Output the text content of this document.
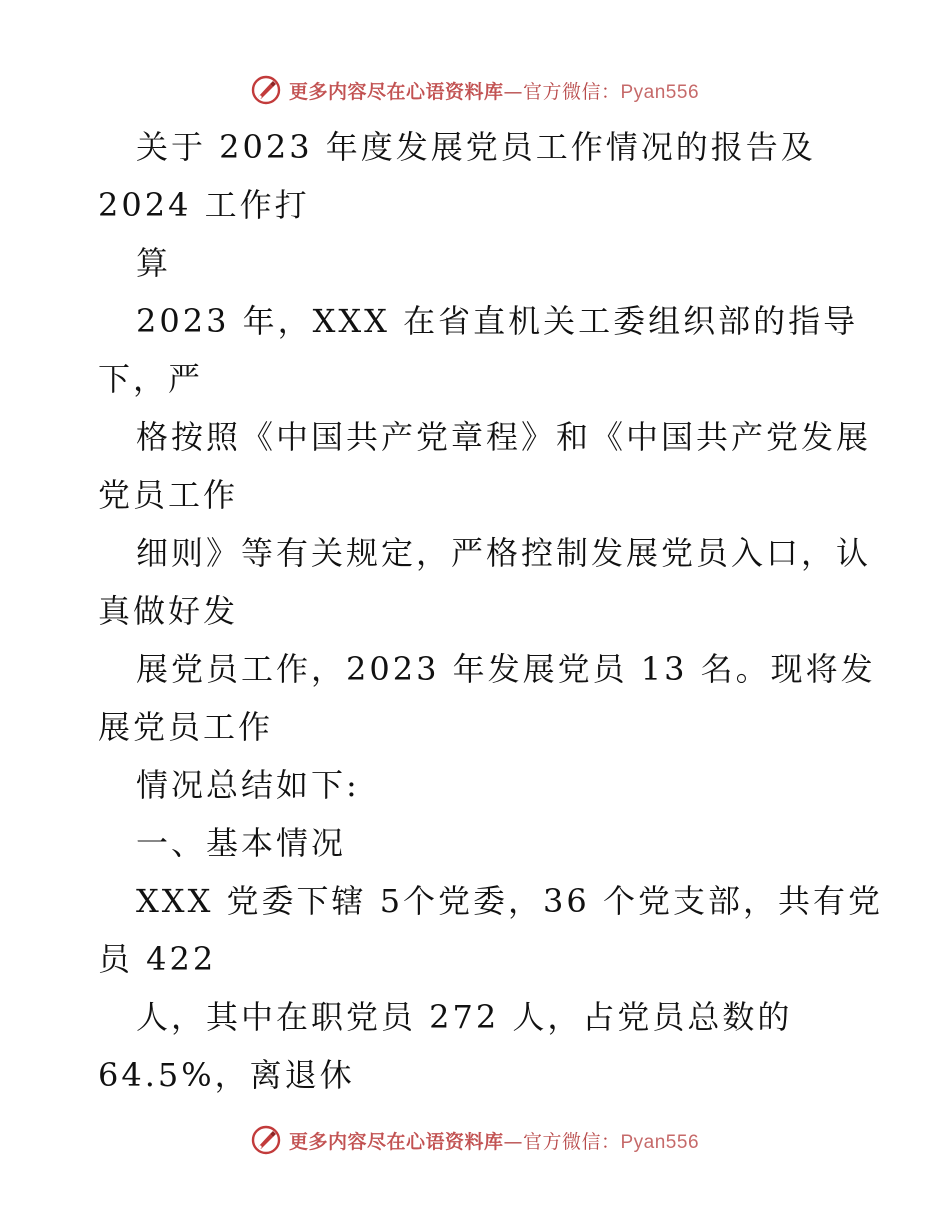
更多内容尽在心语资料库—官方微信：Pyan556
关于 2023 年度发展党员工作情况的报告及
2024 工作打
算
2023 年，XXX 在省直机关工委组织部的指导
下，严
格按照《中国共产党章程》和《中国共产党发展
党员工作
细则》等有关规定，严格控制发展党员入口，认
真做好发
展党员工作，2023 年发展党员 13 名。现将发
展党员工作
情况总结如下:
一、基本情况
XXX 党委下辖 5个党委，36 个党支部，共有党
员 422
人，其中在职党员 272 人，占党员总数的
64.5%，离退休
更多内容尽在心语资料库—官方微信：Pyan556
